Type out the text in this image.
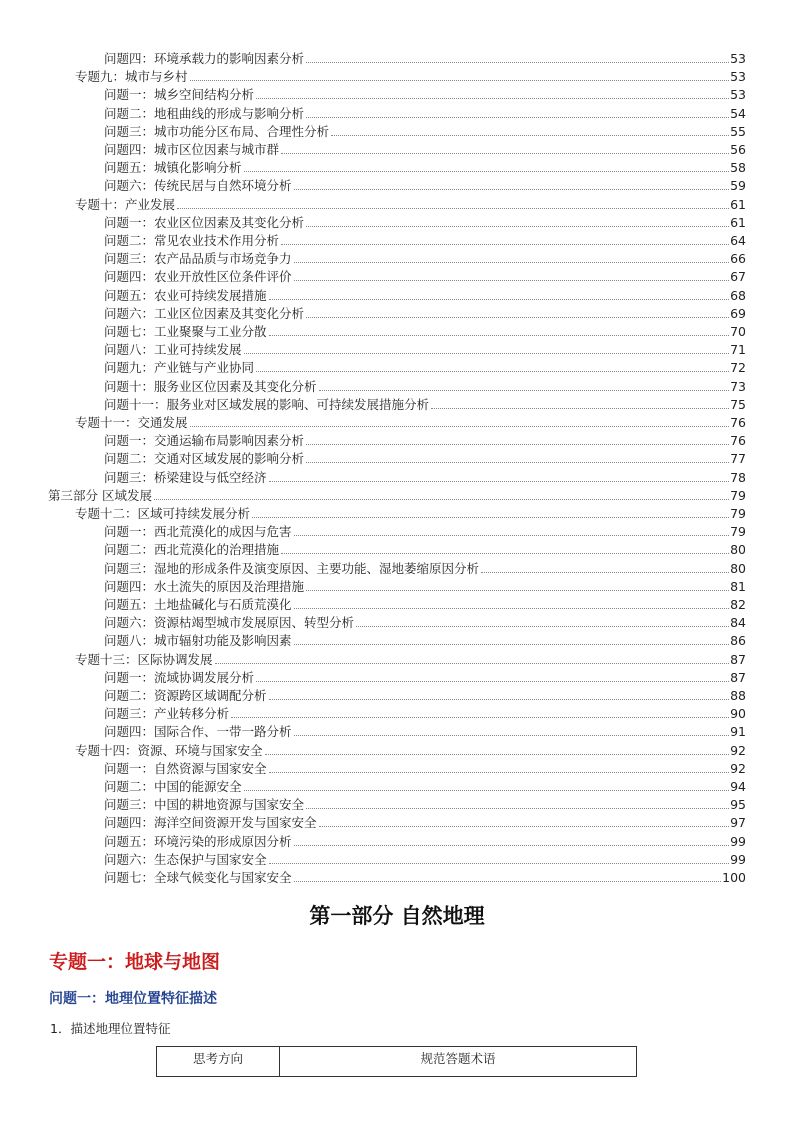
问题四：环境承载力的影响因素分析	53
专题九：城市与乡村	53
问题一：城乡空间结构分析	53
问题二：地租曲线的形成与影响分析	54
问题三：城市功能分区布局、合理性分析	55
问题四：城市区位因素与城市群	56
问题五：城镇化影响分析	58
问题六：传统民居与自然环境分析	59
专题十：产业发展	61
问题一：农业区位因素及其变化分析	61
问题二：常见农业技术作用分析	64
问题三：农产品品质与市场竞争力	66
问题四：农业开放性区位条件评价	67
问题五：农业可持续发展措施	68
问题六：工业区位因素及其变化分析	69
问题七：工业聚聚与工业分散	70
问题八：工业可持续发展	71
问题九：产业链与产业协同	72
问题十：服务业区位因素及其变化分析	73
问题十一：服务业对区域发展的影响、可持续发展措施分析	75
专题十一：交通发展	76
问题一：交通运输布局影响因素分析	76
问题二：交通对区域发展的影响分析	77
问题三：桥梁建设与低空经济	78
第三部分 区域发展	79
专题十二：区域可持续发展分析	79
问题一：西北荒漠化的成因与危害	79
问题二：西北荒漠化的治理措施	80
问题三：湿地的形成条件及演变原因、主要功能、湿地萎缩原因分析	80
问题四：水土流失的原因及治理措施	81
问题五：土地盐碱化与石质荒漠化	82
问题六：资源枯竭型城市发展原因、转型分析	84
问题八：城市辐射功能及影响因素	86
专题十三：区际协调发展	87
问题一：流域协调发展分析	87
问题二：资源跨区域调配分析	88
问题三：产业转移分析	90
问题四：国际合作、一带一路分析	91
专题十四：资源、环境与国家安全	92
问题一：自然资源与国家安全	92
问题二：中国的能源安全	94
问题三：中国的耕地资源与国家安全	95
问题四：海洋空间资源开发与国家安全	97
问题五：环境污染的形成原因分析	99
问题六：生态保护与国家安全	99
问题七：全球气候变化与国家安全	100
第一部分 自然地理
专题一：地球与地图
问题一：地理位置特征描述
1．描述地理位置特征
思考方向	规范答题术语
